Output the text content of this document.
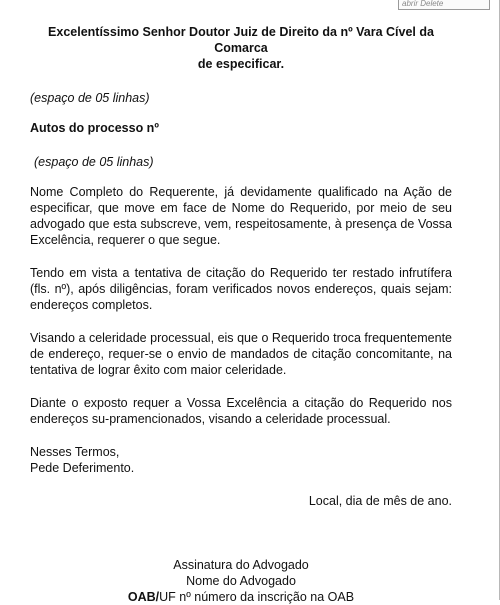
abrir Delete
Excelentíssimo Senhor Doutor Juiz de Direito da nº Vara Cível da Comarca
de especificar.

(espaço de 05 linhas)

Autos do processo nº

(espaço de 05 linhas)

Nome Completo do Requerente, já devidamente qualificado na Ação de especificar, que move em face de Nome do Requerido, por meio de seu advogado que esta subscreve, vem, respeitosamente, à presença de Vossa Excelência, requerer o que segue.

Tendo em vista a tentativa de citação do Requerido ter restado infrutífera (fls. nº), após diligências, foram verificados novos endereços, quais sejam: endereços completos.

Visando a celeridade processual, eis que o Requerido troca frequentemente de endereço, requer-se o envio de mandados de citação concomitante, na tentativa de lograr êxito com maior celeridade.

Diante o exposto requer a Vossa Excelência a citação do Requerido nos endereços su-pramencionados, visando a celeridade processual.

Nesses Termos,
Pede Deferimento.
Local, dia de mês de ano.
Assinatura do Advogado
Nome do Advogado
OAB/UF nº número da inscrição na OAB
